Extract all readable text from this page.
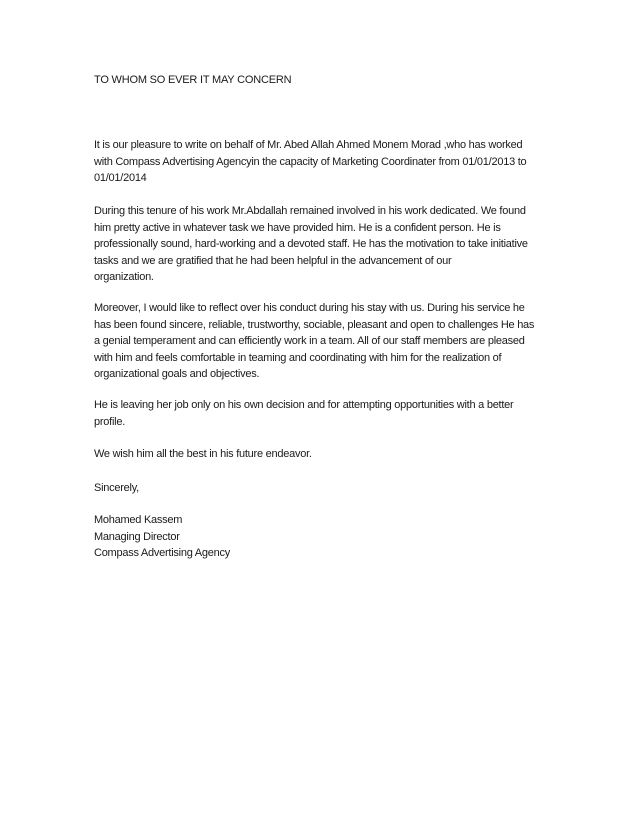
TO WHOM SO EVER IT MAY CONCERN

It is our pleasure to write on behalf of Mr. Abed Allah Ahmed Monem Morad ,who has worked
with Compass Advertising Agencyin the capacity of Marketing Coordinater from 01/01/2013 to
01/01/2014

During this tenure of his work Mr.Abdallah remained involved in his work dedicated. We found
him pretty active in whatever task we have provided him. He is a confident person. He is
professionally sound, hard-working and a devoted staff. He has the motivation to take initiative
tasks and we are gratified that he had been helpful in the advancement of our
organization.

Moreover, I would like to reflect over his conduct during his stay with us. During his service he
has been found sincere, reliable, trustworthy, sociable, pleasant and open to challenges He has
a genial temperament and can efficiently work in a team. All of our staff members are pleased
with him and feels comfortable in teaming and coordinating with him for the realization of
organizational goals and objectives.

He is leaving her job only on his own decision and for attempting opportunities with a better
profile.

We wish him all the best in his future endeavor.

Sincerely,

Mohamed Kassem
Managing Director
Compass Advertising Agency
